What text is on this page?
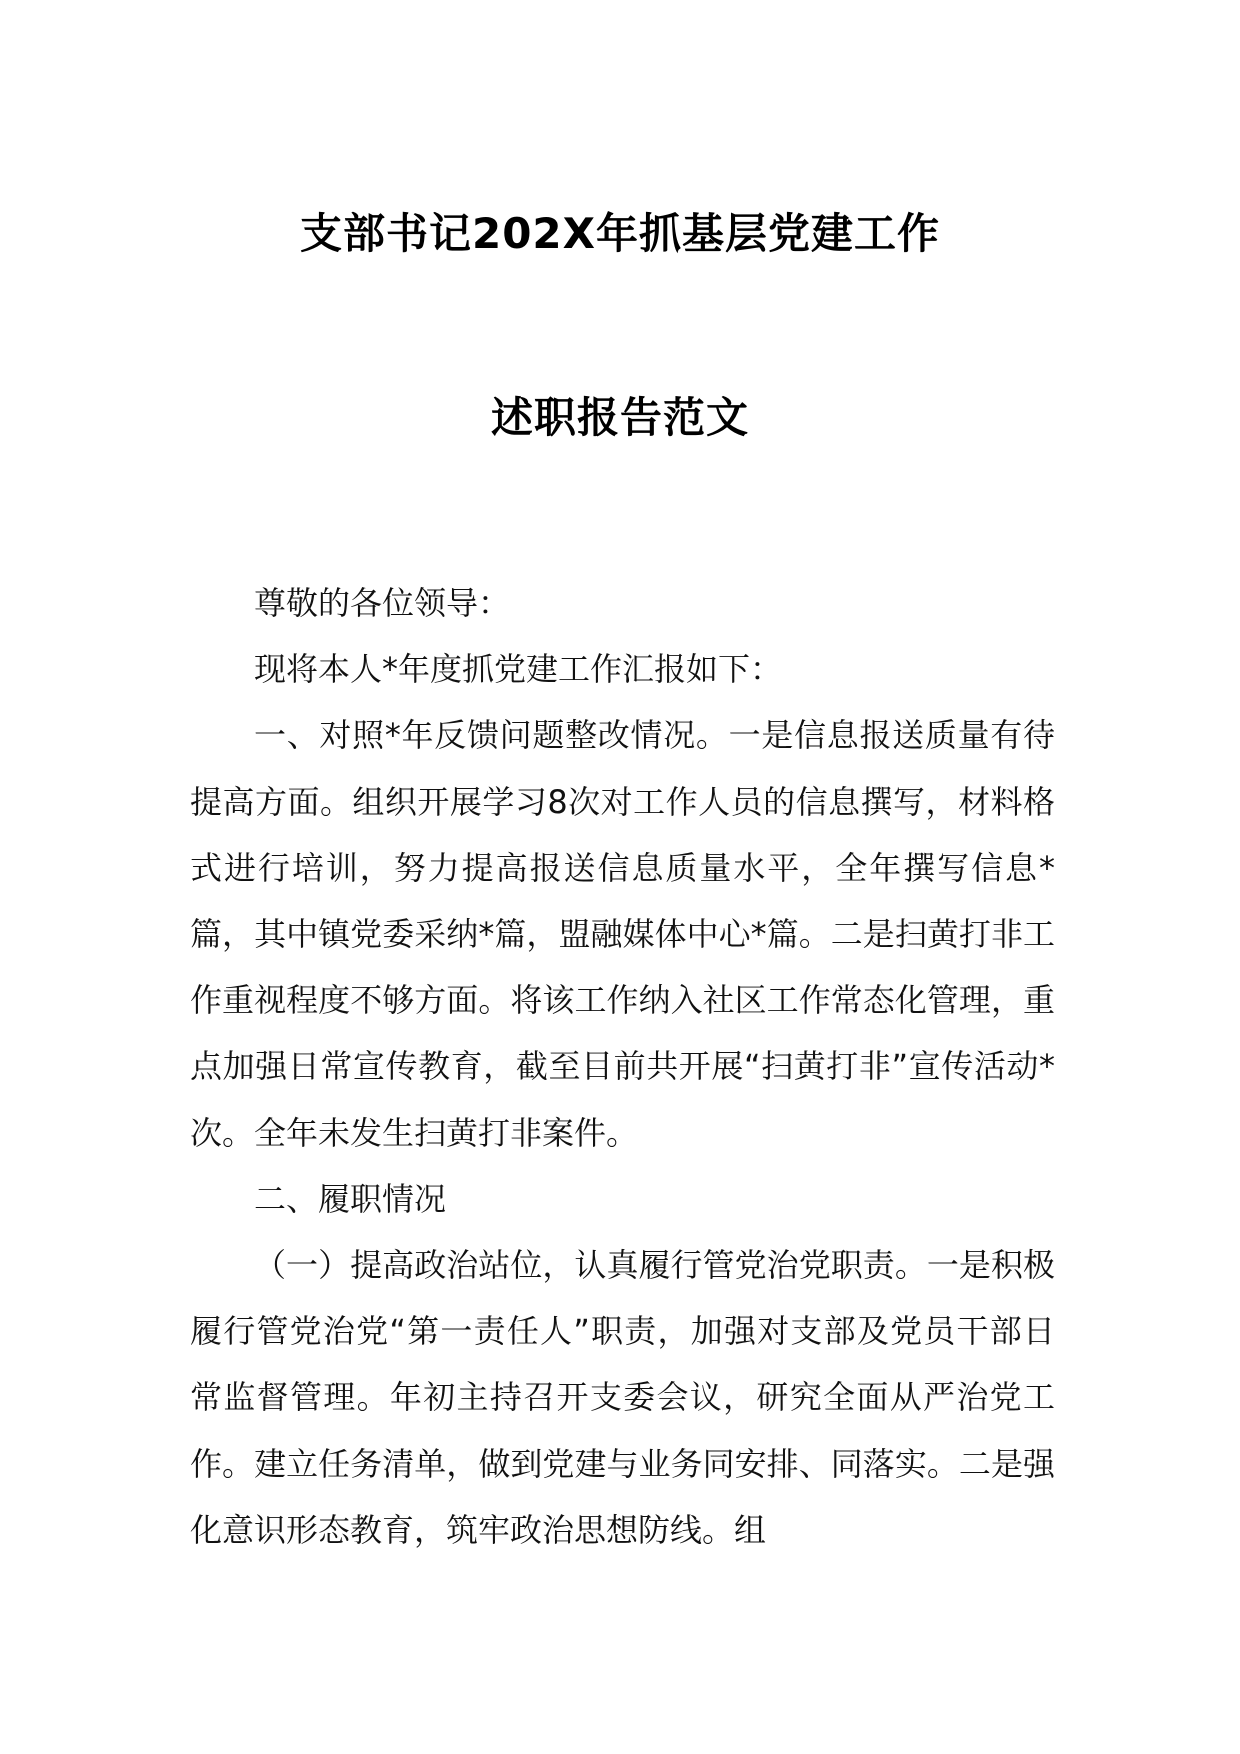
支部书记202X年抓基层党建工作
述职报告范文

尊敬的各位领导：

现将本人*年度抓党建工作汇报如下：

一、对照*年反馈问题整改情况。一是信息报送质量有待提高方面。组织开展学习8次对工作人员的信息撰写，材料格式进行培训，努力提高报送信息质量水平，全年撰写信息*篇，其中镇党委采纳*篇，盟融媒体中心*篇。二是扫黄打非工作重视程度不够方面。将该工作纳入社区工作常态化管理，重点加强日常宣传教育，截至目前共开展“扫黄打非”宣传活动*次。全年未发生扫黄打非案件。

二、履职情况

（一）提高政治站位，认真履行管党治党职责。一是积极履行管党治党“第一责任人”职责，加强对支部及党员干部日常监督管理。年初主持召开支委会议，研究全面从严治党工作。建立任务清单，做到党建与业务同安排、同落实。二是强化意识形态教育，筑牢政治思想防线。组
